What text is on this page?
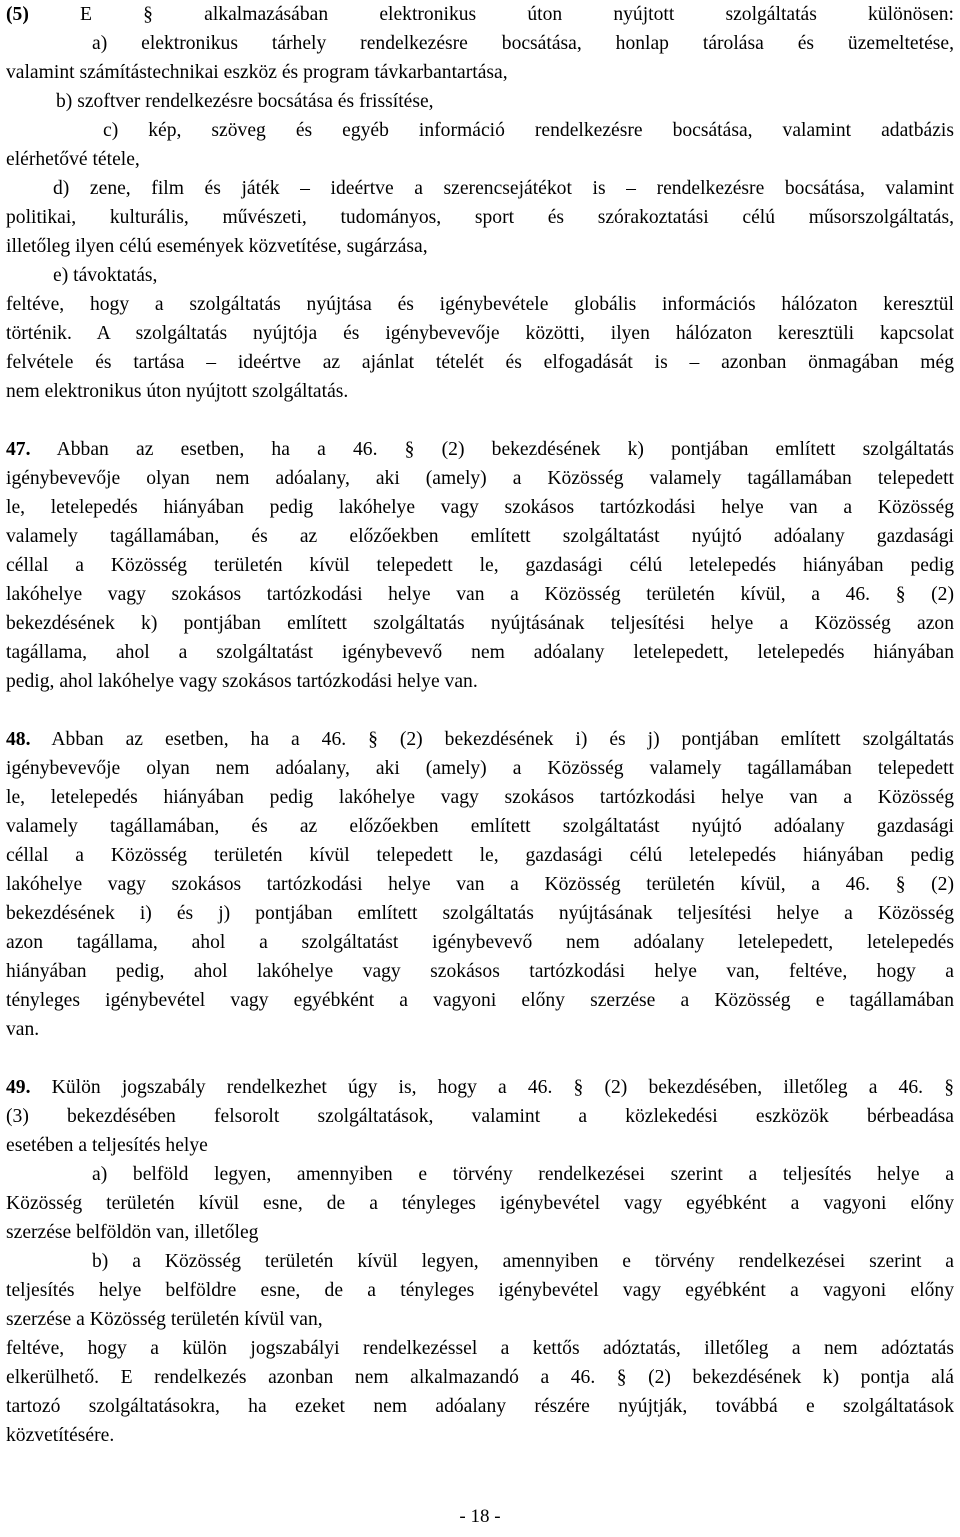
(5)	E	§	alkalmazásában elektronikus úton nyújtott szolgáltatás különösen:
a) elektronikus tárhely rendelkezésre bocsátása, honlap tárolása és üzemeltetése,
valamint számítástechnikai eszköz és program távkarbantartása,
b) szoftver rendelkezésre bocsátása és frissítése,
c) kép, szöveg és egyéb információ rendelkezésre bocsátása, valamint adatbázis
elérhetővé tétele,
d) zene, film és játék – ideértve a szerencsejátékot is – rendelkezésre bocsátása, valamint
politikai, kulturális, művészeti, tudományos, sport és szórakoztatási célú műsorszolgáltatás,
illetőleg ilyen célú események közvetítése, sugárzása,
e) távoktatás,
feltéve, hogy a szolgáltatás nyújtása és igénybevétele globális információs hálózaton keresztül
történik. A szolgáltatás nyújtója és igénybevevője közötti, ilyen hálózaton keresztüli kapcsolat
felvétele és tartása – ideértve az ajánlat tételét és elfogadását is – azonban önmagában még
nem elektronikus úton nyújtott szolgáltatás.

47. Abban az esetben, ha a 46. § (2) bekezdésének k) pontjában említett szolgáltatás
igénybevevője olyan nem adóalany, aki (amely) a Közösség valamely tagállamában telepedett
le, letelepedés hiányában pedig lakóhelye vagy szokásos tartózkodási helye van a Közösség
valamely tagállamában, és az előzőekben említett szolgáltatást nyújtó adóalany gazdasági
céllal a Közösség területén kívül telepedett le, gazdasági célú letelepedés hiányában pedig
lakóhelye vagy szokásos tartózkodási helye van a Közösség területén kívül, a 46. § (2)
bekezdésének k) pontjában említett szolgáltatás nyújtásának teljesítési helye a Közösség azon
tagállama, ahol a szolgáltatást igénybevevő nem adóalany letelepedett, letelepedés hiányában
pedig, ahol lakóhelye vagy szokásos tartózkodási helye van.

48. Abban az esetben, ha a 46. § (2) bekezdésének i) és j) pontjában említett szolgáltatás
igénybevevője olyan nem adóalany, aki (amely) a Közösség valamely tagállamában telepedett
le, letelepedés hiányában pedig lakóhelye vagy szokásos tartózkodási helye van a Közösség
valamely tagállamában, és az előzőekben említett szolgáltatást nyújtó adóalany gazdasági
céllal a Közösség területén kívül telepedett le, gazdasági célú letelepedés hiányában pedig
lakóhelye vagy szokásos tartózkodási helye van a Közösség területén kívül, a 46. § (2)
bekezdésének i) és j) pontjában említett szolgáltatás nyújtásának teljesítési helye a Közösség
azon tagállama, ahol a szolgáltatást igénybevevő nem adóalany letelepedett, letelepedés
hiányában pedig, ahol lakóhelye vagy szokásos tartózkodási helye van, feltéve, hogy a
tényleges igénybevétel vagy egyébként a vagyoni előny szerzése a Közösség e tagállamában
van.

49. Külön jogszabály rendelkezhet úgy is, hogy a 46. § (2) bekezdésében, illetőleg a 46. §
(3) bekezdésében felsorolt szolgáltatások, valamint a közlekedési eszközök bérbeadása
esetében a teljesítés helye
a) belföld legyen, amennyiben e törvény rendelkezései szerint a teljesítés helye a
Közösség területén kívül esne, de a tényleges igénybevétel vagy egyébként a vagyoni előny
szerzése belföldön van, illetőleg
b) a Közösség területén kívül legyen, amennyiben e törvény rendelkezései szerint a
teljesítés helye belföldre esne, de a tényleges igénybevétel vagy egyébként a vagyoni előny
szerzése a Közösség területén kívül van,
feltéve, hogy a külön jogszabályi rendelkezéssel a kettős adóztatás, illetőleg a nem adóztatás
elkerülhető. E rendelkezés azonban nem alkalmazandó a 46. § (2) bekezdésének k) pontja alá
tartozó szolgáltatásokra, ha ezeket nem adóalany részére nyújtják, továbbá e szolgáltatások
közvetítésére.

- 18 -
